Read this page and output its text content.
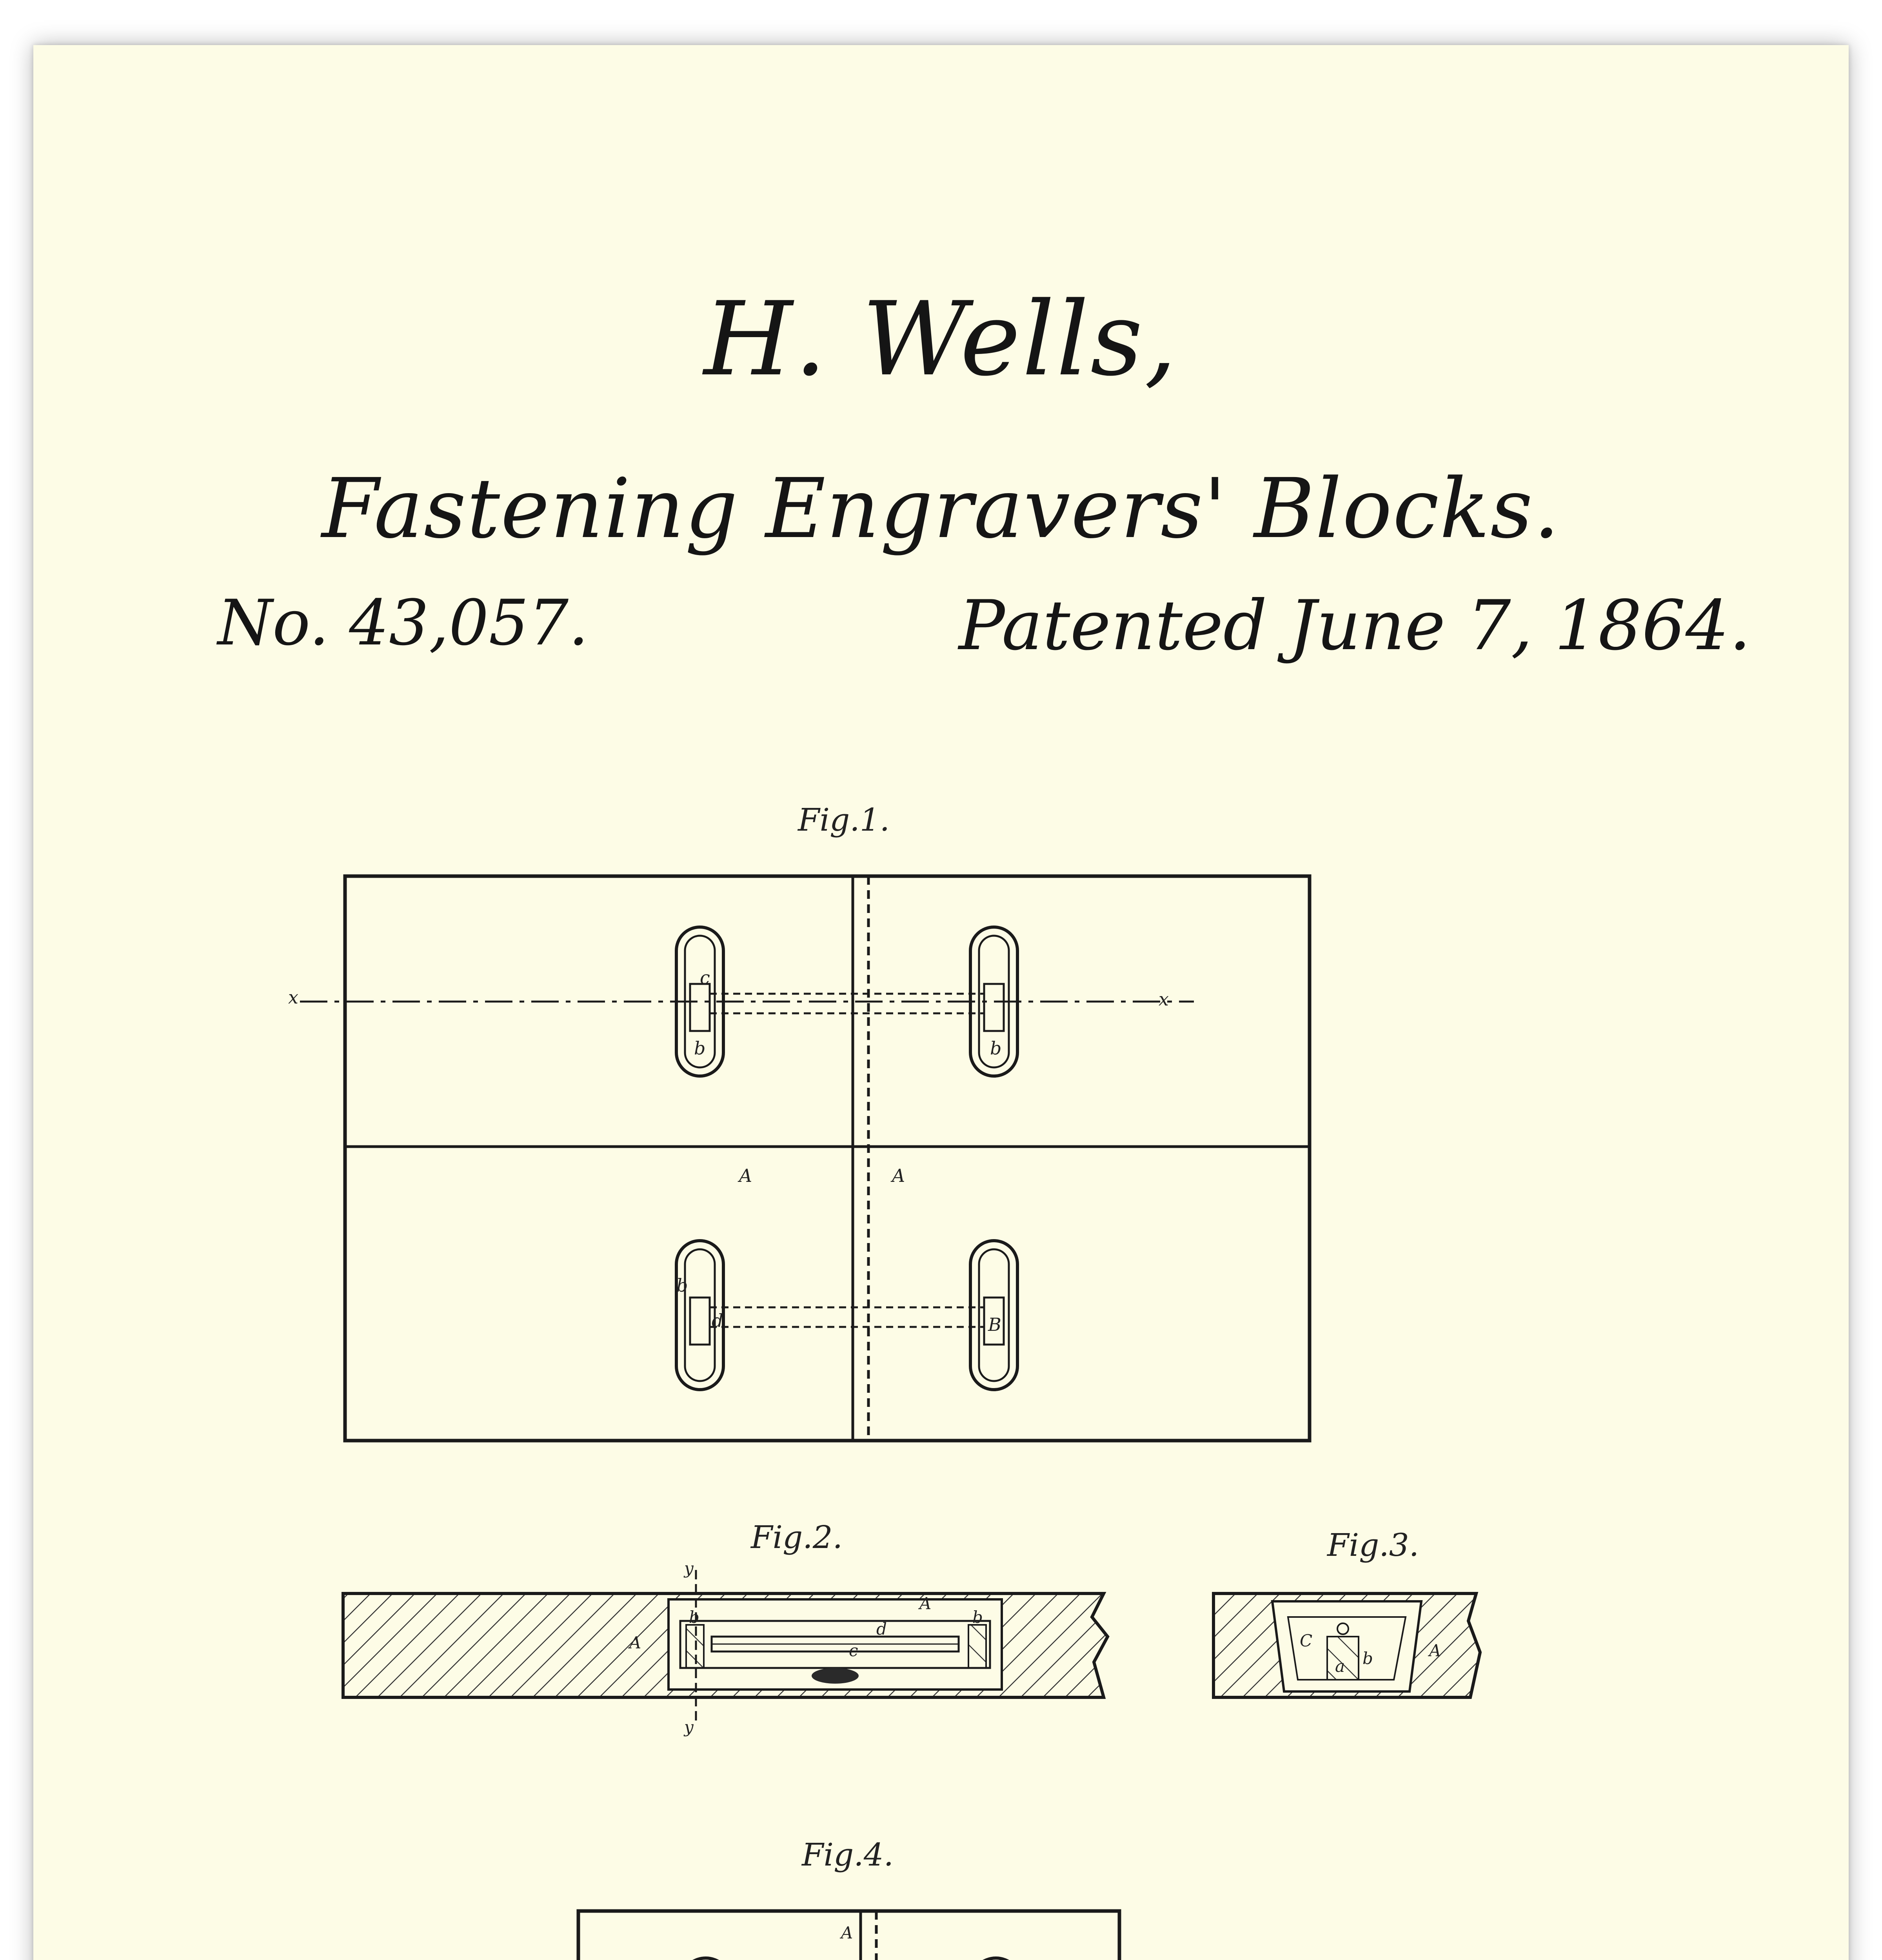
H. Wells,
Fastening Engravers' Blocks.
No. 43,057.	Patented June 7, 1864.
Fig.1.
Fig.2.	Fig.3.
Fig.4.
x	x
A	A
b	b
b
c
d	B
y
y
A
A
b	b
d
c
C
b	A
a
A
